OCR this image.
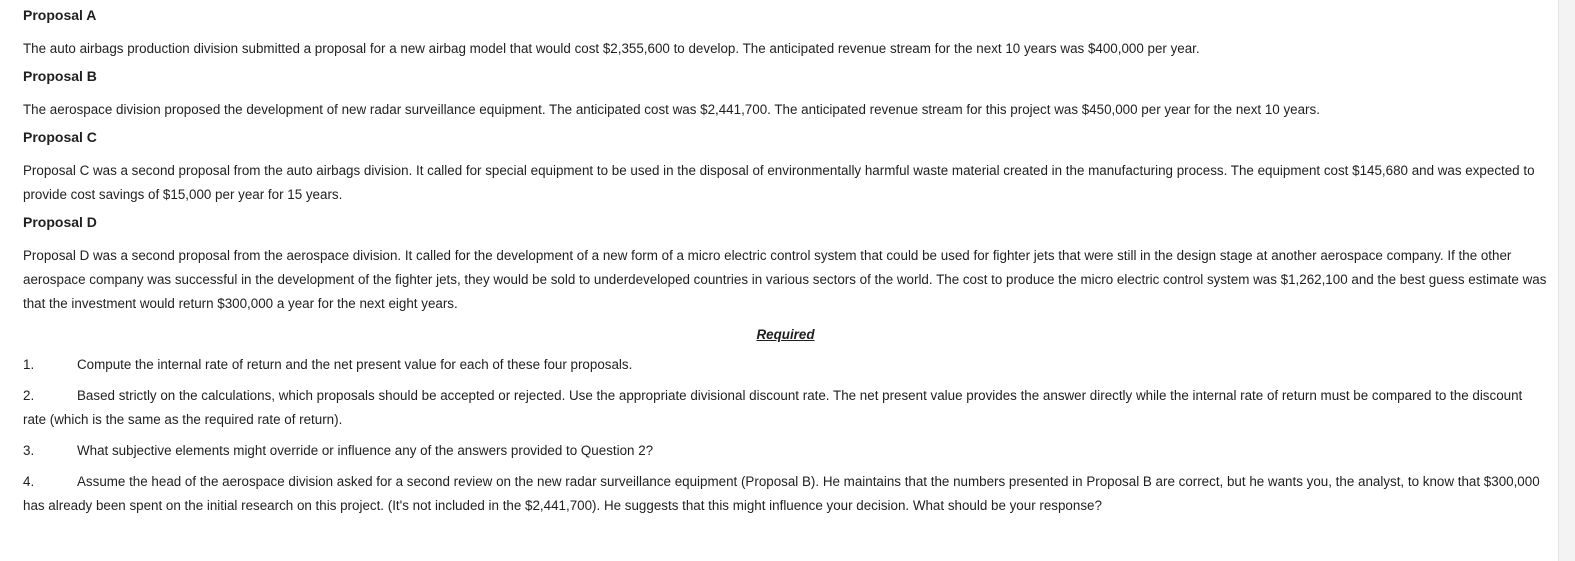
Proposal A

The auto airbags production division submitted a proposal for a new airbag model that would cost $2,355,600 to develop. The anticipated revenue stream for the next 10 years was $400,000 per year.

Proposal B

The aerospace division proposed the development of new radar surveillance equipment. The anticipated cost was $2,441,700. The anticipated revenue stream for this project was $450,000 per year for the next 10 years.

Proposal C

Proposal C was a second proposal from the auto airbags division. It called for special equipment to be used in the disposal of environmentally harmful waste material created in the manufacturing process. The equipment cost $145,680 and was expected to provide cost savings of $15,000 per year for 15 years.

Proposal D

Proposal D was a second proposal from the aerospace division. It called for the development of a new form of a micro electric control system that could be used for fighter jets that were still in the design stage at another aerospace company. If the other aerospace company was successful in the development of the fighter jets, they would be sold to underdeveloped countries in various sectors of the world. The cost to produce the micro electric control system was $1,262,100 and the best guess estimate was that the investment would return $300,000 a year for the next eight years.

Required

1.	Compute the internal rate of return and the net present value for each of these four proposals.
2.	Based strictly on the calculations, which proposals should be accepted or rejected. Use the appropriate divisional discount rate. The net present value provides the answer directly while the internal rate of return must be compared to the discount rate (which is the same as the required rate of return).
3.	What subjective elements might override or influence any of the answers provided to Question 2?
4.	Assume the head of the aerospace division asked for a second review on the new radar surveillance equipment (Proposal B). He maintains that the numbers presented in Proposal B are correct, but he wants you, the analyst, to know that $300,000 has already been spent on the initial research on this project. (It's not included in the $2,441,700). He suggests that this might influence your decision. What should be your response?
